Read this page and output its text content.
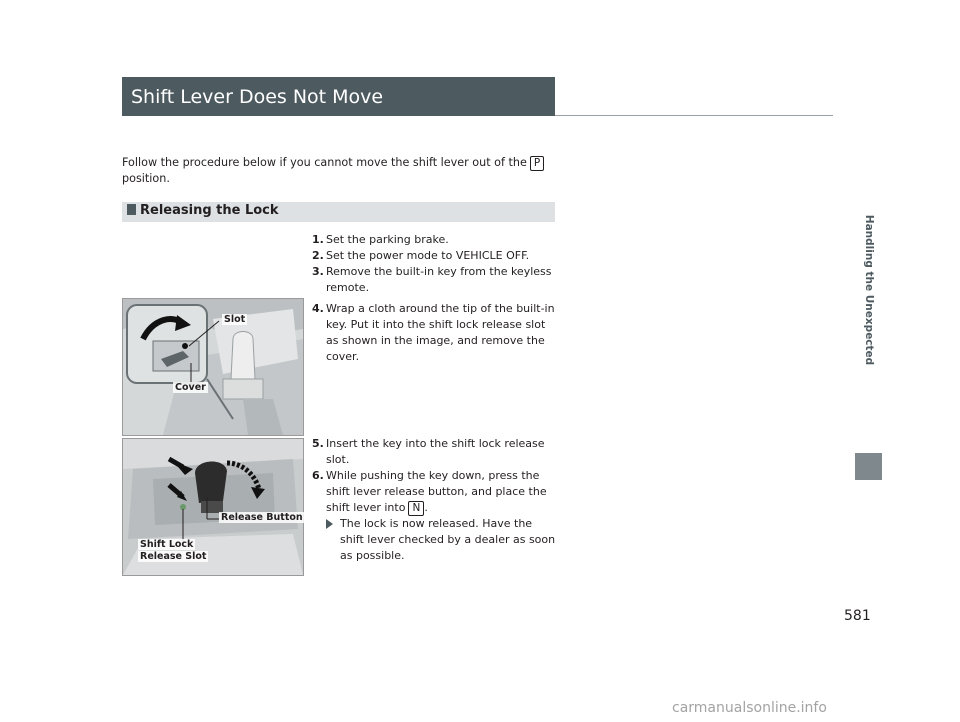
Shift Lever Does Not Move
Follow the procedure below if you cannot move the shift lever out of the P
position.
Releasing the Lock
1. Set the parking brake.
2. Set the power mode to VEHICLE OFF.
3. Remove the built-in key from the keyless remote.
4. Wrap a cloth around the tip of the built-in key. Put it into the shift lock release slot as shown in the image, and remove the cover.
5. Insert the key into the shift lock release slot.
6. While pushing the key down, press the shift lever release button, and place the shift lever into N .
The lock is now released. Have the shift lever checked by a dealer as soon as possible.
Slot
Cover
Release Button
Shift Lock
Release Slot
Handling the Unexpected
581
carmanualsonline.info
